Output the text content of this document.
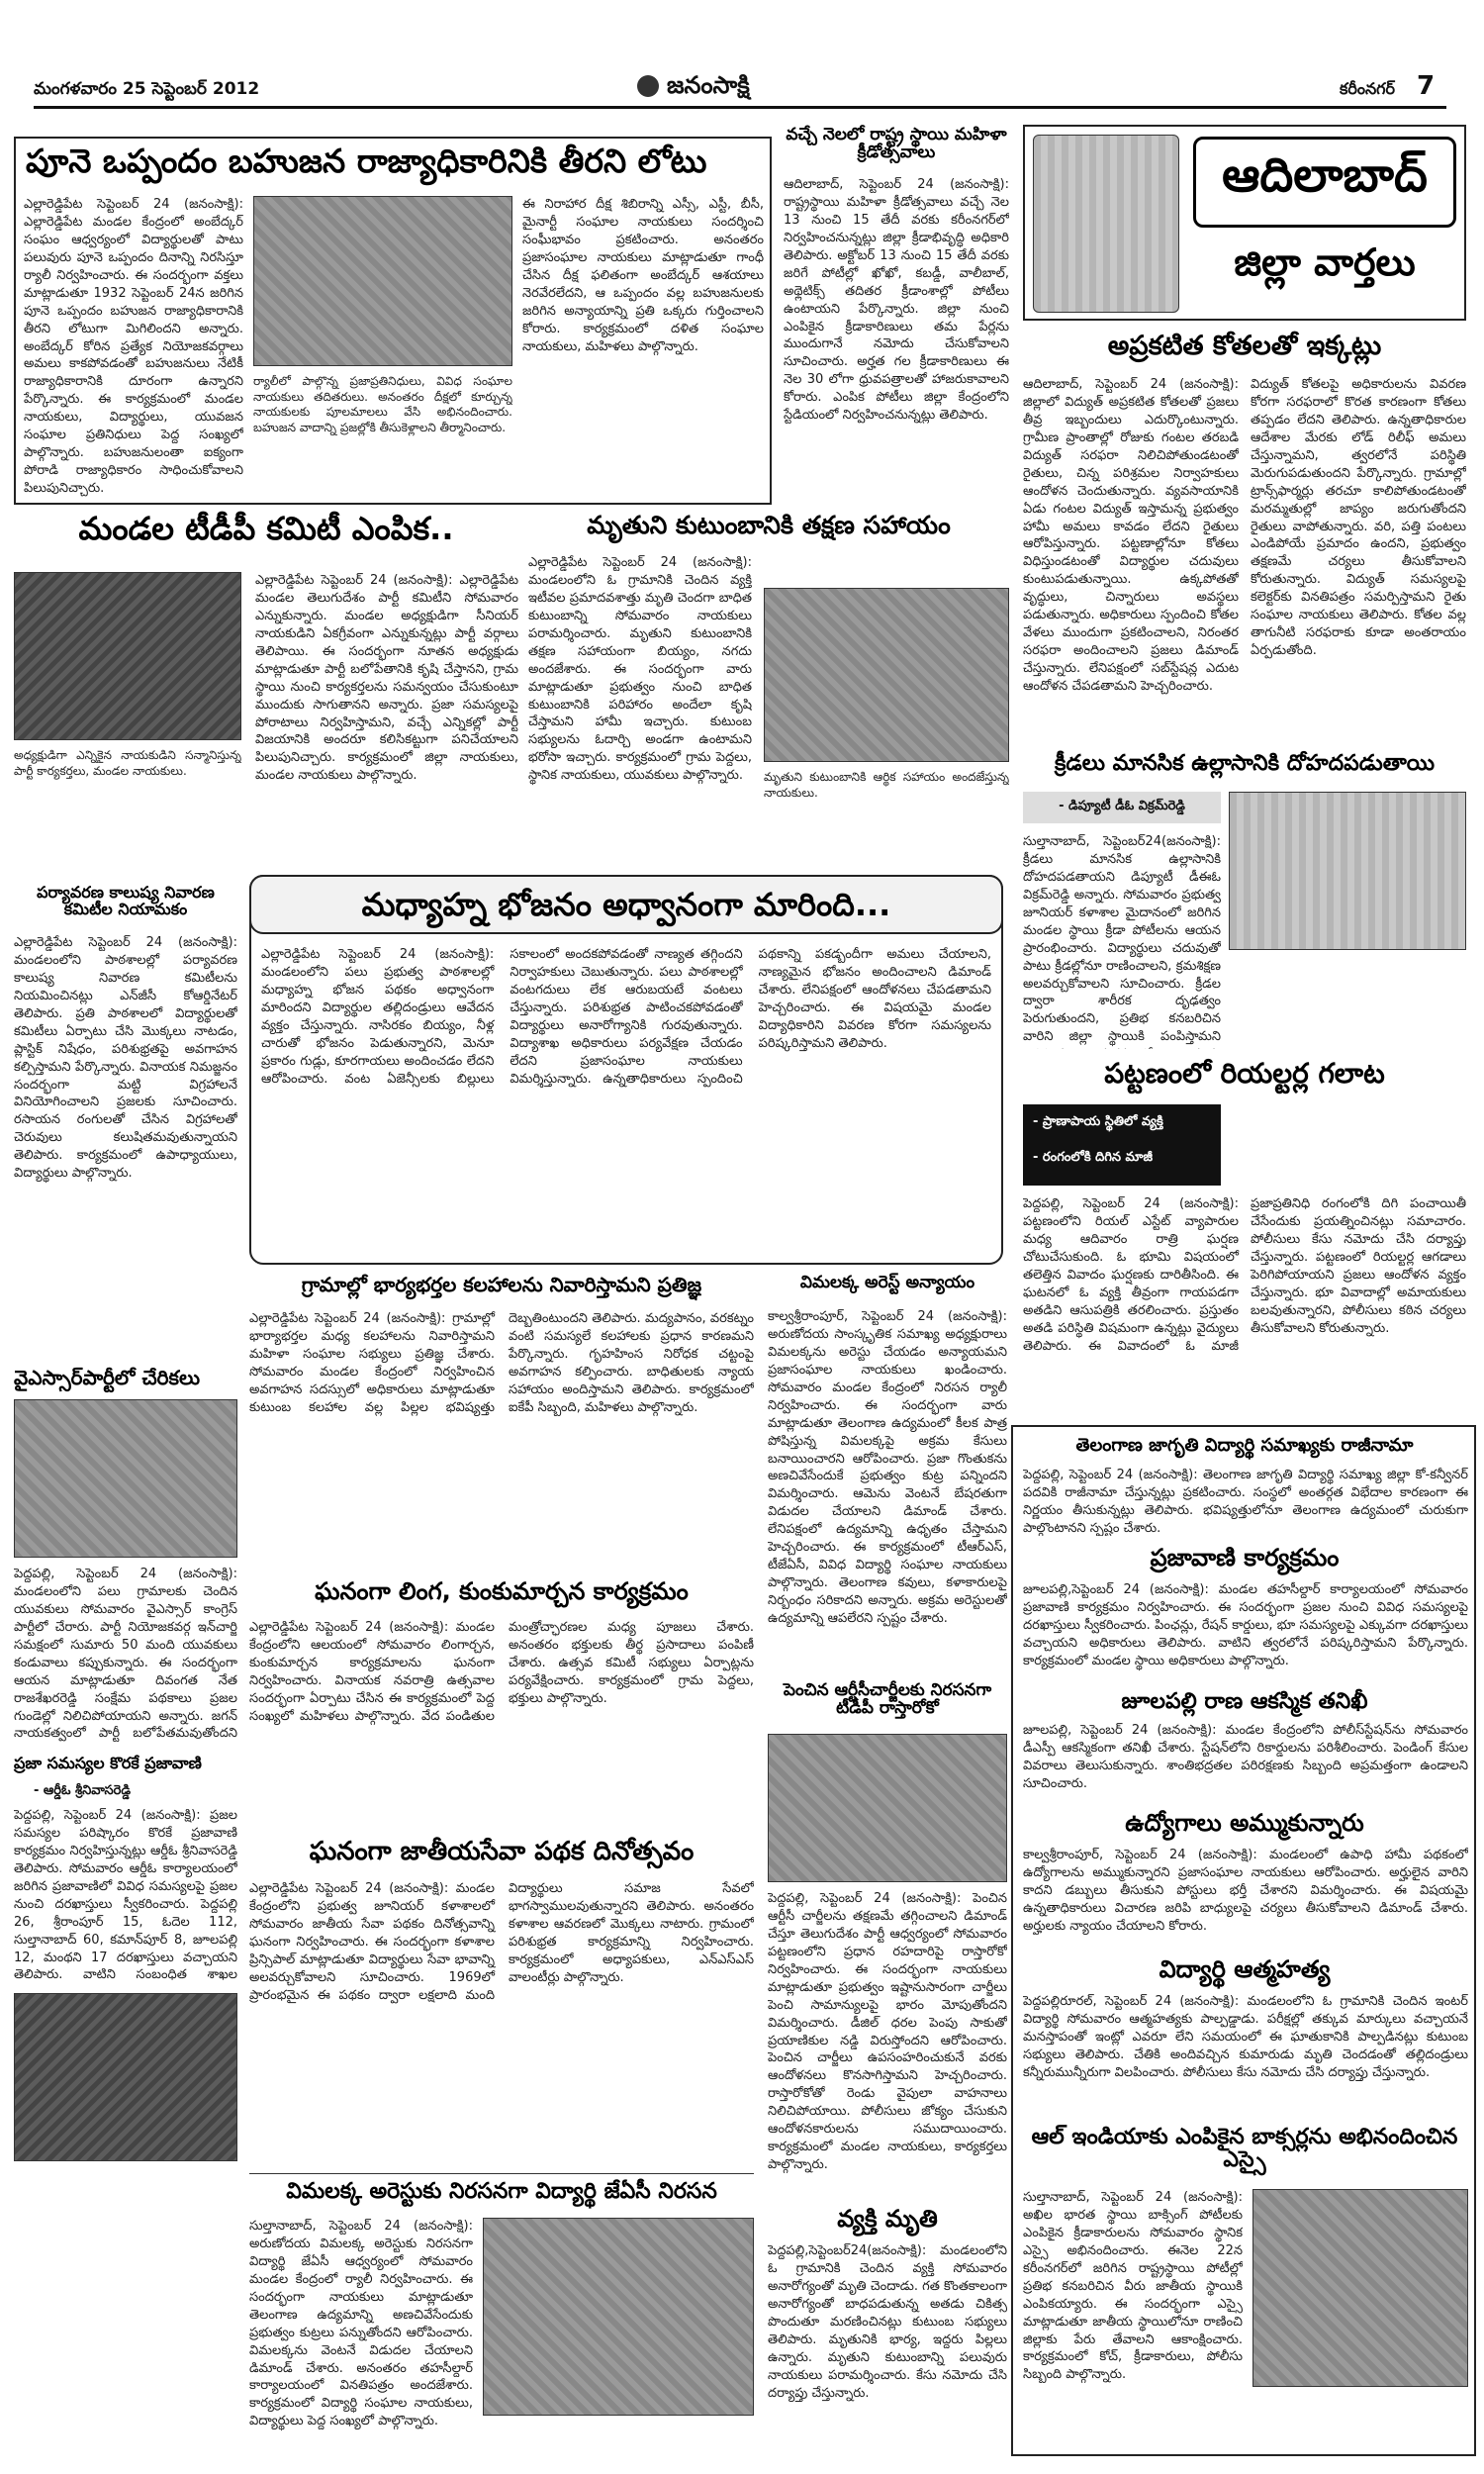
మంగళవారం 25 సెప్టెంబర్ 2012	జనంసాక్షి	కరీంనగర్ 7
పూనె ఒప్పందం బహుజన రాజ్యాధికారినికి తీరని లోటు
ఎల్లారెడ్డిపేట సెప్టెంబర్ 24 (జనంసాక్షి): ఎల్లారెడ్డిపేట మండల కేంద్రంలో అంబేద్కర్ సంఘం ఆధ్వర్యంలో విద్యార్థులతో పాటు పలువురు పూనె ఒప్పందం దినాన్ని నిరసిస్తూ ర్యాలీ నిర్వహించారు. ఈ సందర్భంగా వక్తలు మాట్లాడుతూ 1932 సెప్టెంబర్ 24న జరిగిన పూనె ఒప్పందం బహుజన రాజ్యాధికారానికి తీరని లోటుగా మిగిలిందని అన్నారు. అంబేద్కర్ కోరిన ప్రత్యేక నియోజకవర్గాలు అమలు కాకపోవడంతో బహుజనులు నేటికీ రాజ్యాధికారానికి దూరంగా ఉన్నారని పేర్కొన్నారు. ఈ కార్యక్రమంలో మండల నాయకులు, విద్యార్థులు, యువజన సంఘాల ప్రతినిధులు పెద్ద సంఖ్యలో పాల్గొన్నారు. బహుజనులంతా ఐక్యంగా పోరాడి రాజ్యాధికారం సాధించుకోవాలని పిలుపునిచ్చారు.
ర్యాలీలో పాల్గొన్న ప్రజాప్రతినిధులు, వివిధ సంఘాల నాయకులు తదితరులు. అనంతరం దీక్షలో కూర్చున్న నాయకులకు పూలమాలలు వేసి అభినందించారు. బహుజన వాదాన్ని ప్రజల్లోకి తీసుకెళ్లాలని తీర్మానించారు.
ఈ నిరాహార దీక్ష శిబిరాన్ని ఎస్సీ, ఎస్టీ, బీసీ, మైనార్టీ సంఘాల నాయకులు సందర్శించి సంఘీభావం ప్రకటించారు. అనంతరం ప్రజాసంఘాల నాయకులు మాట్లాడుతూ గాంధీ చేసిన దీక్ష ఫలితంగా అంబేద్కర్ ఆశయాలు నెరవేరలేదని, ఆ ఒప్పందం వల్ల బహుజనులకు జరిగిన అన్యాయాన్ని ప్రతి ఒక్కరు గుర్తించాలని కోరారు. కార్యక్రమంలో దళిత సంఘాల నాయకులు, మహిళలు పాల్గొన్నారు.
వచ్చే నెలలో రాష్ట్ర స్థాయి మహిళా క్రీడోత్సవాలు
ఆదిలాబాద్, సెప్టెంబర్ 24 (జనంసాక్షి): రాష్ట్రస్థాయి మహిళా క్రీడోత్సవాలు వచ్చే నెల 13 నుంచి 15 తేదీ వరకు కరీంనగర్‌లో నిర్వహించనున్నట్లు జిల్లా క్రీడాభివృద్ధి అధికారి తెలిపారు. అక్టోబర్ 13 నుంచి 15 తేదీ వరకు జరిగే పోటీల్లో ఖోఖో, కబడ్డీ, వాలీబాల్, అథ్లెటిక్స్ తదితర క్రీడాంశాల్లో పోటీలు ఉంటాయని పేర్కొన్నారు. జిల్లా నుంచి ఎంపికైన క్రీడాకారిణులు తమ పేర్లను ముందుగానే నమోదు చేసుకోవాలని సూచించారు. అర్హత గల క్రీడాకారిణులు ఈ నెల 30 లోగా ధ్రువపత్రాలతో హాజరుకావాలని కోరారు. ఎంపిక పోటీలు జిల్లా కేంద్రంలోని స్టేడియంలో నిర్వహించనున్నట్లు తెలిపారు.
ఆదిలాబాద్
జిల్లా వార్తలు
అప్రకటిత కోతలతో ఇక్కట్లు
ఆదిలాబాద్, సెప్టెంబర్ 24 (జనంసాక్షి): జిల్లాలో విద్యుత్ అప్రకటిత కోతలతో ప్రజలు తీవ్ర ఇబ్బందులు ఎదుర్కొంటున్నారు. గ్రామీణ ప్రాంతాల్లో రోజుకు గంటల తరబడి విద్యుత్ సరఫరా నిలిచిపోతుండటంతో రైతులు, చిన్న పరిశ్రమల నిర్వాహకులు ఆందోళన చెందుతున్నారు. వ్యవసాయానికి ఏడు గంటల విద్యుత్ ఇస్తామన్న ప్రభుత్వం హామీ అమలు కావడం లేదని రైతులు ఆరోపిస్తున్నారు. పట్టణాల్లోనూ కోతలు విధిస్తుండటంతో విద్యార్థుల చదువులు కుంటుపడుతున్నాయి. ఉక్కపోతతో వృద్ధులు, చిన్నారులు అవస్థలు పడుతున్నారు. అధికారులు స్పందించి కోతల వేళలు ముందుగా ప్రకటించాలని, నిరంతర సరఫరా అందించాలని ప్రజలు డిమాండ్ చేస్తున్నారు. లేనిపక్షంలో సబ్‌స్టేషన్ల ఎదుట ఆందోళన చేపడతామని హెచ్చరించారు.
విద్యుత్ కోతలపై అధికారులను వివరణ కోరగా సరఫరాలో కొరత కారణంగా కోతలు తప్పడం లేదని తెలిపారు. ఉన్నతాధికారుల ఆదేశాల మేరకు లోడ్ రిలీఫ్ అమలు చేస్తున్నామని, త్వరలోనే పరిస్థితి మెరుగుపడుతుందని పేర్కొన్నారు. గ్రామాల్లో ట్రాన్స్‌ఫార్మర్లు తరచూ కాలిపోతుండటంతో మరమ్మతుల్లో జాప్యం జరుగుతోందని రైతులు వాపోతున్నారు. వరి, పత్తి పంటలు ఎండిపోయే ప్రమాదం ఉందని, ప్రభుత్వం తక్షణమే చర్యలు తీసుకోవాలని కోరుతున్నారు. విద్యుత్ సమస్యలపై కలెక్టర్‌కు వినతిపత్రం సమర్పిస్తామని రైతు సంఘాల నాయకులు తెలిపారు. కోతల వల్ల తాగునీటి సరఫరాకు కూడా అంతరాయం ఏర్పడుతోంది.
మండల టీడీపీ కమిటీ ఎంపిక..
అధ్యక్షుడిగా ఎన్నికైన నాయకుడిని సన్మానిస్తున్న పార్టీ కార్యకర్తలు, మండల నాయకులు.
ఎల్లారెడ్డిపేట సెప్టెంబర్ 24 (జనంసాక్షి): ఎల్లారెడ్డిపేట మండల తెలుగుదేశం పార్టీ కమిటీని సోమవారం ఎన్నుకున్నారు. మండల అధ్యక్షుడిగా సీనియర్ నాయకుడిని ఏకగ్రీవంగా ఎన్నుకున్నట్లు పార్టీ వర్గాలు తెలిపాయి. ఈ సందర్భంగా నూతన అధ్యక్షుడు మాట్లాడుతూ పార్టీ బలోపేతానికి కృషి చేస్తానని, గ్రామ స్థాయి నుంచి కార్యకర్తలను సమన్వయం చేసుకుంటూ ముందుకు సాగుతానని అన్నారు. ప్రజా సమస్యలపై పోరాటాలు నిర్వహిస్తామని, వచ్చే ఎన్నికల్లో పార్టీ విజయానికి అందరూ కలిసికట్టుగా పనిచేయాలని పిలుపునిచ్చారు. కార్యక్రమంలో జిల్లా నాయకులు, మండల నాయకులు పాల్గొన్నారు.
మృతుని కుటుంబానికి తక్షణ సహాయం
ఎల్లారెడ్డిపేట సెప్టెంబర్ 24 (జనంసాక్షి): మండలంలోని ఓ గ్రామానికి చెందిన వ్యక్తి ఇటీవల ప్రమాదవశాత్తు మృతి చెందగా బాధిత కుటుంబాన్ని సోమవారం నాయకులు పరామర్శించారు. మృతుని కుటుంబానికి తక్షణ సహాయంగా బియ్యం, నగదు అందజేశారు. ఈ సందర్భంగా వారు మాట్లాడుతూ ప్రభుత్వం నుంచి బాధిత కుటుంబానికి పరిహారం అందేలా కృషి చేస్తామని హామీ ఇచ్చారు. కుటుంబ సభ్యులను ఓదార్చి అండగా ఉంటామని భరోసా ఇచ్చారు. కార్యక్రమంలో గ్రామ పెద్దలు, స్థానిక నాయకులు, యువకులు పాల్గొన్నారు.	మృతుని కుటుంబానికి ఆర్థిక సహాయం అందజేస్తున్న నాయకులు.
క్రీడలు మానసిక ఉల్లాసానికి దోహదపడుతాయి
- డిప్యూటీ డీఓ విక్రమ్‌రెడ్డి
సుల్తానాబాద్, సెప్టెంబర్24(జనంసాక్షి): క్రీడలు మానసిక ఉల్లాసానికి దోహదపడతాయని డిప్యూటీ డీఈఓ విక్రమ్‌రెడ్డి అన్నారు. సోమవారం ప్రభుత్వ జూనియర్ కళాశాల మైదానంలో జరిగిన మండల స్థాయి క్రీడా పోటీలను ఆయన ప్రారంభించారు. విద్యార్థులు చదువుతో పాటు క్రీడల్లోనూ రాణించాలని, క్రమశిక్షణ అలవర్చుకోవాలని సూచించారు. క్రీడల ద్వారా శారీరక దృఢత్వం పెరుగుతుందని, ప్రతిభ కనబరిచిన వారిని జిల్లా స్థాయికి పంపిస్తామని
పర్యావరణ కాలుష్య నివారణ కమిటీల నియామకం
ఎల్లారెడ్డిపేట సెప్టెంబర్ 24 (జనంసాక్షి): మండలంలోని పాఠశాలల్లో పర్యావరణ కాలుష్య నివారణ కమిటీలను నియమించినట్లు ఎన్‌జీసీ కోఆర్డినేటర్ తెలిపారు. ప్రతి పాఠశాలలో విద్యార్థులతో కమిటీలు ఏర్పాటు చేసి మొక్కలు నాటడం, ప్లాస్టిక్ నిషేధం, పరిశుభ్రతపై అవగాహన కల్పిస్తామని పేర్కొన్నారు. వినాయక నిమజ్జనం సందర్భంగా మట్టి విగ్రహాలనే వినియోగించాలని ప్రజలకు సూచించారు. రసాయన రంగులతో చేసిన విగ్రహాలతో చెరువులు కలుషితమవుతున్నాయని తెలిపారు. కార్యక్రమంలో ఉపాధ్యాయులు, విద్యార్థులు పాల్గొన్నారు.
మధ్యాహ్న భోజనం అధ్వానంగా మారింది...
ఎల్లారెడ్డిపేట సెప్టెంబర్ 24 (జనంసాక్షి): మండలంలోని పలు ప్రభుత్వ పాఠశాలల్లో మధ్యాహ్న భోజన పథకం అధ్వానంగా మారిందని విద్యార్థుల తల్లిదండ్రులు ఆవేదన వ్యక్తం చేస్తున్నారు. నాసిరకం బియ్యం, నీళ్ల చారుతో భోజనం పెడుతున్నారని, మెనూ ప్రకారం గుడ్లు, కూరగాయలు అందించడం లేదని ఆరోపించారు. వంట ఏజెన్సీలకు బిల్లులు సకాలంలో అందకపోవడంతో నాణ్యత తగ్గిందని నిర్వాహకులు చెబుతున్నారు. పలు పాఠశాలల్లో వంటగదులు లేక ఆరుబయటే వంటలు చేస్తున్నారు. పరిశుభ్రత పాటించకపోవడంతో విద్యార్థులు అనారోగ్యానికి గురవుతున్నారు. విద్యాశాఖ అధికారులు పర్యవేక్షణ చేయడం లేదని ప్రజాసంఘాల నాయకులు విమర్శిస్తున్నారు. ఉన్నతాధికారులు స్పందించి పథకాన్ని పకడ్బందీగా అమలు చేయాలని, నాణ్యమైన భోజనం అందించాలని డిమాండ్ చేశారు. లేనిపక్షంలో ఆందోళనలు చేపడతామని హెచ్చరించారు. ఈ విషయమై మండల విద్యాధికారిని వివరణ కోరగా సమస్యలను పరిష్కరిస్తామని తెలిపారు.
పట్టణంలో రియల్టర్ల గలాట
- ప్రాణాపాయ స్థితిలో వ్యక్తి
- రంగంలోకి దిగిన మాజీ
పెద్దపల్లి, సెప్టెంబర్ 24 (జనంసాక్షి): పట్టణంలోని రియల్ ఎస్టేట్ వ్యాపారుల మధ్య ఆదివారం రాత్రి ఘర్షణ చోటుచేసుకుంది. ఓ భూమి విషయంలో తలెత్తిన వివాదం ఘర్షణకు దారితీసింది. ఈ ఘటనలో ఓ వ్యక్తి తీవ్రంగా గాయపడగా అతడిని ఆసుపత్రికి తరలించారు. ప్రస్తుతం అతడి పరిస్థితి విషమంగా ఉన్నట్లు వైద్యులు తెలిపారు. ఈ వివాదంలో ఓ మాజీ ప్రజాప్రతినిధి రంగంలోకి దిగి పంచాయితీ చేసేందుకు ప్రయత్నించినట్లు సమాచారం. పోలీసులు కేసు నమోదు చేసి దర్యాప్తు చేస్తున్నారు. పట్టణంలో రియల్టర్ల ఆగడాలు పెరిగిపోయాయని ప్రజలు ఆందోళన వ్యక్తం చేస్తున్నారు. భూ వివాదాల్లో అమాయకులు బలవుతున్నారని, పోలీసులు కఠిన చర్యలు తీసుకోవాలని కోరుతున్నారు.
గ్రామాల్లో భార్యభర్తల కలహాలను నివారిస్తామని ప్రతిజ్ఞ
ఎల్లారెడ్డిపేట సెప్టెంబర్ 24 (జనంసాక్షి): గ్రామాల్లో భార్యాభర్తల మధ్య కలహాలను నివారిస్తామని మహిళా సంఘాల సభ్యులు ప్రతిజ్ఞ చేశారు. సోమవారం మండల కేంద్రంలో నిర్వహించిన అవగాహన సదస్సులో అధికారులు మాట్లాడుతూ కుటుంబ కలహాల వల్ల పిల్లల భవిష్యత్తు దెబ్బతింటుందని తెలిపారు. మద్యపానం, వరకట్నం వంటి సమస్యలే కలహాలకు ప్రధాన కారణమని పేర్కొన్నారు. గృహహింస నిరోధక చట్టంపై అవగాహన కల్పించారు. బాధితులకు న్యాయ సహాయం అందిస్తామని తెలిపారు. కార్యక్రమంలో ఐకేపీ సిబ్బంది, మహిళలు పాల్గొన్నారు.
విమలక్క అరెస్ట్ అన్యాయం
కాల్వశ్రీరాంపూర్, సెప్టెంబర్ 24 (జనంసాక్షి): అరుణోదయ సాంస్కృతిక సమాఖ్య అధ్యక్షురాలు విమలక్కను అరెస్టు చేయడం అన్యాయమని ప్రజాసంఘాల నాయకులు ఖండించారు. సోమవారం మండల కేంద్రంలో నిరసన ర్యాలీ నిర్వహించారు. ఈ సందర్భంగా వారు మాట్లాడుతూ తెలంగాణ ఉద్యమంలో కీలక పాత్ర పోషిస్తున్న విమలక్కపై అక్రమ కేసులు బనాయించారని ఆరోపించారు. ప్రజా గొంతుకను అణచివేసేందుకే ప్రభుత్వం కుట్ర పన్నిందని విమర్శించారు. ఆమెను వెంటనే బేషరతుగా విడుదల చేయాలని డిమాండ్ చేశారు. లేనిపక్షంలో ఉద్యమాన్ని ఉధృతం చేస్తామని హెచ్చరించారు. ఈ కార్యక్రమంలో టీఆర్ఎస్, టీజేఏసీ, వివిధ విద్యార్థి సంఘాల నాయకులు పాల్గొన్నారు. తెలంగాణ కవులు, కళాకారులపై నిర్బంధం సరికాదని అన్నారు. అక్రమ అరెస్టులతో ఉద్యమాన్ని ఆపలేరని స్పష్టం చేశారు.
వైఎస్సార్‌పార్టీలో చేరికలు
పెద్దపల్లి, సెప్టెంబర్ 24 (జనంసాక్షి): మండలంలోని పలు గ్రామాలకు చెందిన యువకులు సోమవారం వైఎస్సార్ కాంగ్రెస్ పార్టీలో చేరారు. పార్టీ నియోజకవర్గ ఇన్‌చార్జి సమక్షంలో సుమారు 50 మంది యువకులు కండువాలు కప్పుకున్నారు. ఈ సందర్భంగా ఆయన మాట్లాడుతూ దివంగత నేత రాజశేఖరరెడ్డి సంక్షేమ పథకాలు ప్రజల గుండెల్లో నిలిచిపోయాయని అన్నారు. జగన్ నాయకత్వంలో పార్టీ బలోపేతమవుతోందని
తెలంగాణ జాగృతి విద్యార్థి సమాఖ్యకు రాజీనామా
పెద్దపల్లి, సెప్టెంబర్ 24 (జనంసాక్షి): తెలంగాణ జాగృతి విద్యార్థి సమాఖ్య జిల్లా కో-కన్వీనర్ పదవికి రాజీనామా చేస్తున్నట్లు ప్రకటించారు. సంస్థలో అంతర్గత విభేదాల కారణంగా ఈ నిర్ణయం తీసుకున్నట్లు తెలిపారు. భవిష్యత్తులోనూ తెలంగాణ ఉద్యమంలో చురుకుగా పాల్గొంటానని స్పష్టం చేశారు.
ప్రజావాణి కార్యక్రమం
జూలపల్లి,సెప్టెంబర్ 24 (జనంసాక్షి): మండల తహసీల్దార్ కార్యాలయంలో సోమవారం ప్రజావాణి కార్యక్రమం నిర్వహించారు. ఈ సందర్భంగా ప్రజల నుంచి వివిధ సమస్యలపై దరఖాస్తులు స్వీకరించారు. పింఛన్లు, రేషన్ కార్డులు, భూ సమస్యలపై ఎక్కువగా దరఖాస్తులు వచ్చాయని అధికారులు తెలిపారు. వాటిని త్వరలోనే పరిష్కరిస్తామని పేర్కొన్నారు. కార్యక్రమంలో మండల స్థాయి అధికారులు పాల్గొన్నారు.
జూలపల్లి రాణ ఆకస్మిక తనిఖీ
జూలపల్లి, సెప్టెంబర్ 24 (జనంసాక్షి): మండల కేంద్రంలోని పోలీస్‌స్టేషన్‌ను సోమవారం డీఎస్పీ ఆకస్మికంగా తనిఖీ చేశారు. స్టేషన్‌లోని రికార్డులను పరిశీలించారు. పెండింగ్ కేసుల వివరాలు తెలుసుకున్నారు. శాంతిభద్రతల పరిరక్షణకు సిబ్బంది అప్రమత్తంగా ఉండాలని సూచించారు.
ఉద్యోగాలు అమ్ముకున్నారు
కాల్వశ్రీరాంపూర్, సెప్టెంబర్ 24 (జనంసాక్షి): మండలంలో ఉపాధి హామీ పథకంలో ఉద్యోగాలను అమ్ముకున్నారని ప్రజాసంఘాల నాయకులు ఆరోపించారు. అర్హులైన వారిని కాదని డబ్బులు తీసుకుని పోస్టులు భర్తీ చేశారని విమర్శించారు. ఈ విషయమై ఉన్నతాధికారులు విచారణ జరిపి బాధ్యులపై చర్యలు తీసుకోవాలని డిమాండ్ చేశారు. అర్హులకు న్యాయం చేయాలని కోరారు.
విద్యార్థి ఆత్మహత్య
పెద్దపల్లిరూరల్, సెప్టెంబర్ 24 (జనంసాక్షి): మండలంలోని ఓ గ్రామానికి చెందిన ఇంటర్ విద్యార్థి సోమవారం ఆత్మహత్యకు పాల్పడ్డాడు. పరీక్షల్లో తక్కువ మార్కులు వచ్చాయనే మనస్తాపంతో ఇంట్లో ఎవరూ లేని సమయంలో ఈ ఘాతుకానికి పాల్పడినట్లు కుటుంబ సభ్యులు తెలిపారు. చేతికి అందివచ్చిన కుమారుడు మృతి చెందడంతో తల్లిదండ్రులు కన్నీరుమున్నీరుగా విలపించారు. పోలీసులు కేసు నమోదు చేసి దర్యాప్తు చేస్తున్నారు.
ఆల్ ఇండియాకు ఎంపికైన బాక్సర్లను అభినందించిన ఎస్సై
సుల్తానాబాద్, సెప్టెంబర్ 24 (జనంసాక్షి): అఖిల భారత స్థాయి బాక్సింగ్ పోటీలకు ఎంపికైన క్రీడాకారులను సోమవారం స్థానిక ఎస్సై అభినందించారు. ఈనెల 22న కరీంనగర్‌లో జరిగిన రాష్ట్రస్థాయి పోటీల్లో ప్రతిభ కనబరిచిన వీరు జాతీయ స్థాయికి ఎంపికయ్యారు. ఈ సందర్భంగా ఎస్సై మాట్లాడుతూ జాతీయ స్థాయిలోనూ రాణించి జిల్లాకు పేరు తేవాలని ఆకాంక్షించారు. కార్యక్రమంలో కోచ్, క్రీడాకారులు, పోలీసు సిబ్బంది పాల్గొన్నారు.
ఘనంగా లింగ, కుంకుమార్చన కార్యక్రమం
ఎల్లారెడ్డిపేట సెప్టెంబర్ 24 (జనంసాక్షి): మండల కేంద్రంలోని ఆలయంలో సోమవారం లింగార్చన, కుంకుమార్చన కార్యక్రమాలను ఘనంగా నిర్వహించారు. వినాయక నవరాత్రి ఉత్సవాల సందర్భంగా ఏర్పాటు చేసిన ఈ కార్యక్రమంలో పెద్ద సంఖ్యలో మహిళలు పాల్గొన్నారు. వేద పండితుల మంత్రోచ్ఛారణల మధ్య పూజలు చేశారు. అనంతరం భక్తులకు తీర్థ ప్రసాదాలు పంపిణీ చేశారు. ఉత్సవ కమిటీ సభ్యులు ఏర్పాట్లను పర్యవేక్షించారు. కార్యక్రమంలో గ్రామ పెద్దలు, భక్తులు పాల్గొన్నారు.	పెంచిన ఆర్టీసీచార్జీలకు నిరసనగా టీడీపీ రాస్తారోకో
పెద్దపల్లి, సెప్టెంబర్ 24 (జనంసాక్షి): పెంచిన ఆర్టీసీ చార్జీలను తక్షణమే తగ్గించాలని డిమాండ్ చేస్తూ తెలుగుదేశం పార్టీ ఆధ్వర్యంలో సోమవారం పట్టణంలోని ప్రధాన రహదారిపై రాస్తారోకో నిర్వహించారు. ఈ సందర్భంగా నాయకులు మాట్లాడుతూ ప్రభుత్వం ఇష్టానుసారంగా చార్జీలు పెంచి సామాన్యులపై భారం మోపుతోందని విమర్శించారు. డీజిల్ ధరల పెంపు సాకుతో ప్రయాణికుల నడ్డి విరుస్తోందని ఆరోపించారు. పెంచిన చార్జీలు ఉపసంహరించుకునే వరకు ఆందోళనలు కొనసాగిస్తామని హెచ్చరించారు. రాస్తారోకోతో రెండు వైపులా వాహనాలు నిలిచిపోయాయి. పోలీసులు జోక్యం చేసుకుని ఆందోళనకారులను సముదాయించారు. కార్యక్రమంలో మండల నాయకులు, కార్యకర్తలు పాల్గొన్నారు.
ప్రజా సమస్యల కొరకే ప్రజావాణి
- ఆర్డీఓ శ్రీనివాసరెడ్డి
పెద్దపల్లి, సెప్టెంబర్ 24 (జనంసాక్షి): ప్రజల సమస్యల పరిష్కారం కొరకే ప్రజావాణి కార్యక్రమం నిర్వహిస్తున్నట్లు ఆర్డీఓ శ్రీనివాసరెడ్డి తెలిపారు. సోమవారం ఆర్డీఓ కార్యాలయంలో జరిగిన ప్రజావాణిలో వివిధ సమస్యలపై ప్రజల నుంచి దరఖాస్తులు స్వీకరించారు. పెద్దపల్లి 26, శ్రీరాంపూర్ 15, ఓదెల 112, సుల్తానాబాద్ 60, కమాన్‌పూర్ 8, జూలపల్లి 12, మంథని 17 దరఖాస్తులు వచ్చాయని తెలిపారు. వాటిని సంబంధిత శాఖల
ఘనంగా జాతీయసేవా పథక దినోత్సవం
ఎల్లారెడ్డిపేట సెప్టెంబర్ 24 (జనంసాక్షి): మండల కేంద్రంలోని ప్రభుత్వ జూనియర్ కళాశాలలో సోమవారం జాతీయ సేవా పథకం దినోత్సవాన్ని ఘనంగా నిర్వహించారు. ఈ సందర్భంగా కళాశాల ప్రిన్సిపాల్ మాట్లాడుతూ విద్యార్థులు సేవా భావాన్ని అలవర్చుకోవాలని సూచించారు. 1969లో ప్రారంభమైన ఈ పథకం ద్వారా లక్షలాది మంది విద్యార్థులు సమాజ సేవలో భాగస్వాములవుతున్నారని తెలిపారు. అనంతరం కళాశాల ఆవరణలో మొక్కలు నాటారు. గ్రామంలో పరిశుభ్రత కార్యక్రమాన్ని నిర్వహించారు. కార్యక్రమంలో అధ్యాపకులు, ఎన్ఎస్ఎస్ వాలంటీర్లు పాల్గొన్నారు.
విమలక్క అరెస్టుకు నిరసనగా విద్యార్థి జేఏసీ నిరసన
సుల్తానాబాద్, సెప్టెంబర్ 24 (జనంసాక్షి): అరుణోదయ విమలక్క అరెస్టుకు నిరసనగా విద్యార్థి జేఏసీ ఆధ్వర్యంలో సోమవారం మండల కేంద్రంలో ర్యాలీ నిర్వహించారు. ఈ సందర్భంగా నాయకులు మాట్లాడుతూ తెలంగాణ ఉద్యమాన్ని అణచివేసేందుకు ప్రభుత్వం కుట్రలు పన్నుతోందని ఆరోపించారు. విమలక్కను వెంటనే విడుదల చేయాలని డిమాండ్ చేశారు. అనంతరం తహసీల్దార్ కార్యాలయంలో వినతిపత్రం అందజేశారు. కార్యక్రమంలో విద్యార్థి సంఘాల నాయకులు, విద్యార్థులు పెద్ద సంఖ్యలో పాల్గొన్నారు.
వ్యక్తి మృతి
పెద్దపల్లి,సెప్టెంబర్24(జనంసాక్షి): మండలంలోని ఓ గ్రామానికి చెందిన వ్యక్తి సోమవారం అనారోగ్యంతో మృతి చెందాడు. గత కొంతకాలంగా అనారోగ్యంతో బాధపడుతున్న అతడు చికిత్స పొందుతూ మరణించినట్లు కుటుంబ సభ్యులు తెలిపారు. మృతునికి భార్య, ఇద్దరు పిల్లలు ఉన్నారు. మృతుని కుటుంబాన్ని పలువురు నాయకులు పరామర్శించారు. కేసు నమోదు చేసి దర్యాప్తు చేస్తున్నారు.
